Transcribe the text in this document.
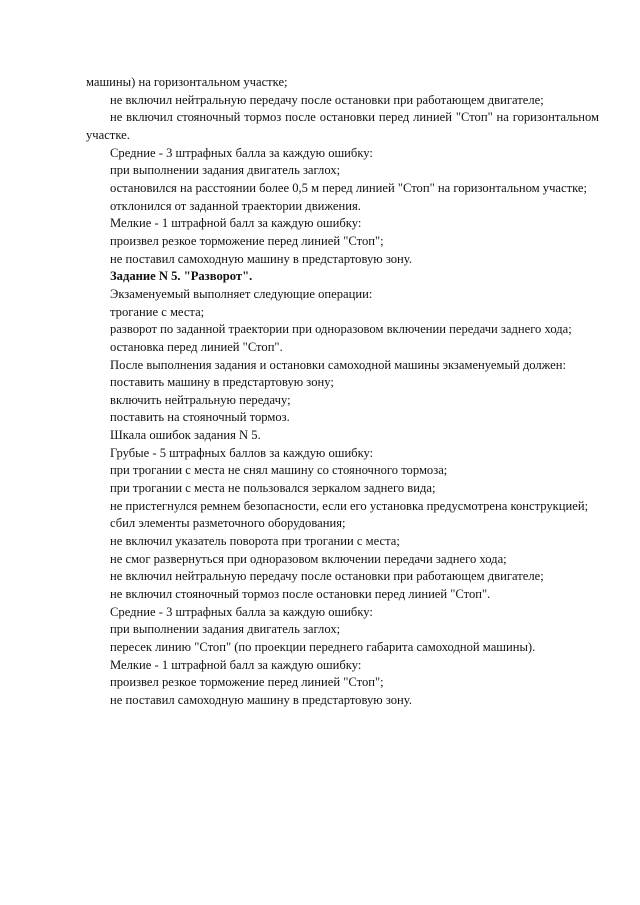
машины) на горизонтальном участке;

не включил нейтральную передачу после остановки при работающем двигателе;

не включил стояночный тормоз после остановки перед линией "Стоп" на горизонтальном участке.

Средние - 3 штрафных балла за каждую ошибку:

при выполнении задания двигатель заглох;

остановился на расстоянии более 0,5 м перед линией "Стоп" на горизонтальном участке;

отклонился от заданной траектории движения.

Мелкие - 1 штрафной балл за каждую ошибку:

произвел резкое торможение перед линией "Стоп";

не поставил самоходную машину в предстартовую зону.

Задание N 5. "Разворот".

Экзаменуемый выполняет следующие операции:

трогание с места;

разворот по заданной траектории при одноразовом включении передачи заднего хода;

остановка перед линией "Стоп".

После выполнения задания и остановки самоходной машины экзаменуемый должен:

поставить машину в предстартовую зону;

включить нейтральную передачу;

поставить на стояночный тормоз.

Шкала ошибок задания N 5.

Грубые - 5 штрафных баллов за каждую ошибку:

при трогании с места не снял машину со стояночного тормоза;

при трогании с места не пользовался зеркалом заднего вида;

не пристегнулся ремнем безопасности, если его установка предусмотрена конструкцией;

сбил элементы разметочного оборудования;

не включил указатель поворота при трогании с места;

не смог развернуться при одноразовом включении передачи заднего хода;

не включил нейтральную передачу после остановки при работающем двигателе;

не включил стояночный тормоз после остановки перед линией "Стоп".

Средние - 3 штрафных балла за каждую ошибку:

при выполнении задания двигатель заглох;

пересек линию "Стоп" (по проекции переднего габарита самоходной машины).

Мелкие - 1 штрафной балл за каждую ошибку:

произвел резкое торможение перед линией "Стоп";

не поставил самоходную машину в предстартовую зону.
